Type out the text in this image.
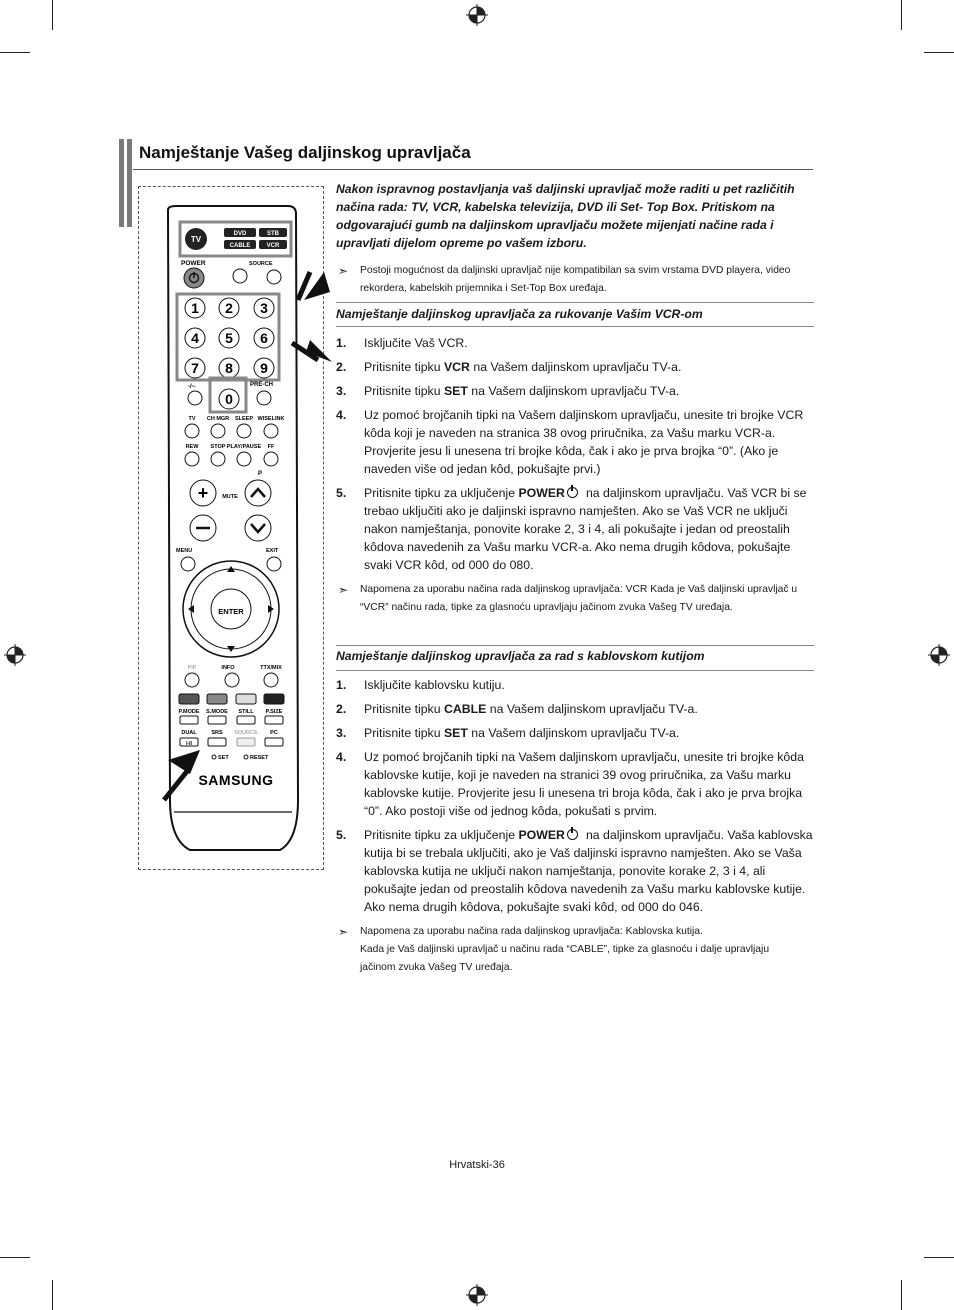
Namještanje Vašeg daljinskog upravljača
TV
DVD	STB
CABLE	VCR
POWER	SOURCE
1 2 3
4 5 6
7 8 9
0
-/--	PRE-CH
TV CH MGR SLEEP WISELINK
REW STOP PLAY/PAUSE FF
+	MUTE
P
MENU	EXIT
ENTER
PIP	INFO	TTX/MIX
P.MODE S.MODE STILL P.SIZE
DUAL	SRS SOURCE PC
I-II
SET	RESET
SAMSUNG
Nakon ispravnog postavljanja vaš daljinski upravljač može raditi u pet različitih načina rada: TV, VCR, kabelska televizija, DVD ili Set- Top Box. Pritiskom na odgovarajući gumb na daljinskom upravljaču možete mijenjati načine rada i upravljati dijelom opreme po vašem izboru.
➣ Postoji mogućnost da daljinski upravljač nije kompatibilan sa svim vrstama DVD playera, video rekordera, kabelskih prijemnika i Set-Top Box uređaja.
Namještanje daljinskog upravljača za rukovanje Vašim VCR-om
1. Isključite Vaš VCR.
2. Pritisnite tipku VCR na Vašem daljinskom upravljaču TV-a.
3. Pritisnite tipku SET na Vašem daljinskom upravljaču TV-a.
4. Uz pomoć brojčanih tipki na Vašem daljinskom upravljaču, unesite tri brojke VCR kôda koji je naveden na stranica 38 ovog priručnika, za Vašu marku VCR-a. Provjerite jesu li unesena tri brojke kôda, čak i ako je prva brojka “0”. (Ako je naveden više od jedan kôd, pokušajte prvi.)
5. Pritisnite tipku za uključenje POWER na daljinskom upravljaču. Vaš VCR bi se trebao uključiti ako je daljinski ispravno namješten. Ako se Vaš VCR ne uključi nakon namještanja, ponovite korake 2, 3 i 4, ali pokušajte i jedan od preostalih kôdova navedenih za Vašu marku VCR-a. Ako nema drugih kôdova, pokušajte svaki VCR kôd, od 000 do 080.
➣ Napomena za uporabu načina rada daljinskog upravljača: VCR Kada je Vaš daljinski upravljač u “VCR” načinu rada, tipke za glasnoću upravljaju jačinom zvuka Vašeg TV uređaja.
Namještanje daljinskog upravljača za rad s kablovskom kutijom
1. Isključite kablovsku kutiju.
2. Pritisnite tipku CABLE na Vašem daljinskom upravljaču TV-a.
3. Pritisnite tipku SET na Vašem daljinskom upravljaču TV-a.
4. Uz pomoć brojčanih tipki na Vašem daljinskom upravljaču, unesite tri brojke kôda kablovske kutije, koji je naveden na stranici 39 ovog priručnika, za Vašu marku kablovske kutije. Provjerite jesu li unesena tri broja kôda, čak i ako je prva brojka “0”. Ako postoji više od jednog kôda, pokušati s prvim.
5. Pritisnite tipku za uključenje POWER na daljinskom upravljaču. Vaša kablovska kutija bi se trebala uključiti, ako je Vaš daljinski ispravno namješten. Ako se Vaša kablovska kutija ne uključi nakon namještanja, ponovite korake 2, 3 i 4, ali pokušajte jedan od preostalih kôdova navedenih za Vašu marku kablovske kutije. Ako nema drugih kôdova, pokušajte svaki kôd, od 000 do 046.
➣ Napomena za uporabu načina rada daljinskog upravljača: Kablovska kutija.
Kada je Vaš daljinski upravljač u načinu rada “CABLE”, tipke za glasnoću i dalje upravljaju
jačinom zvuka Vašeg TV uređaja.
Hrvatski-36
